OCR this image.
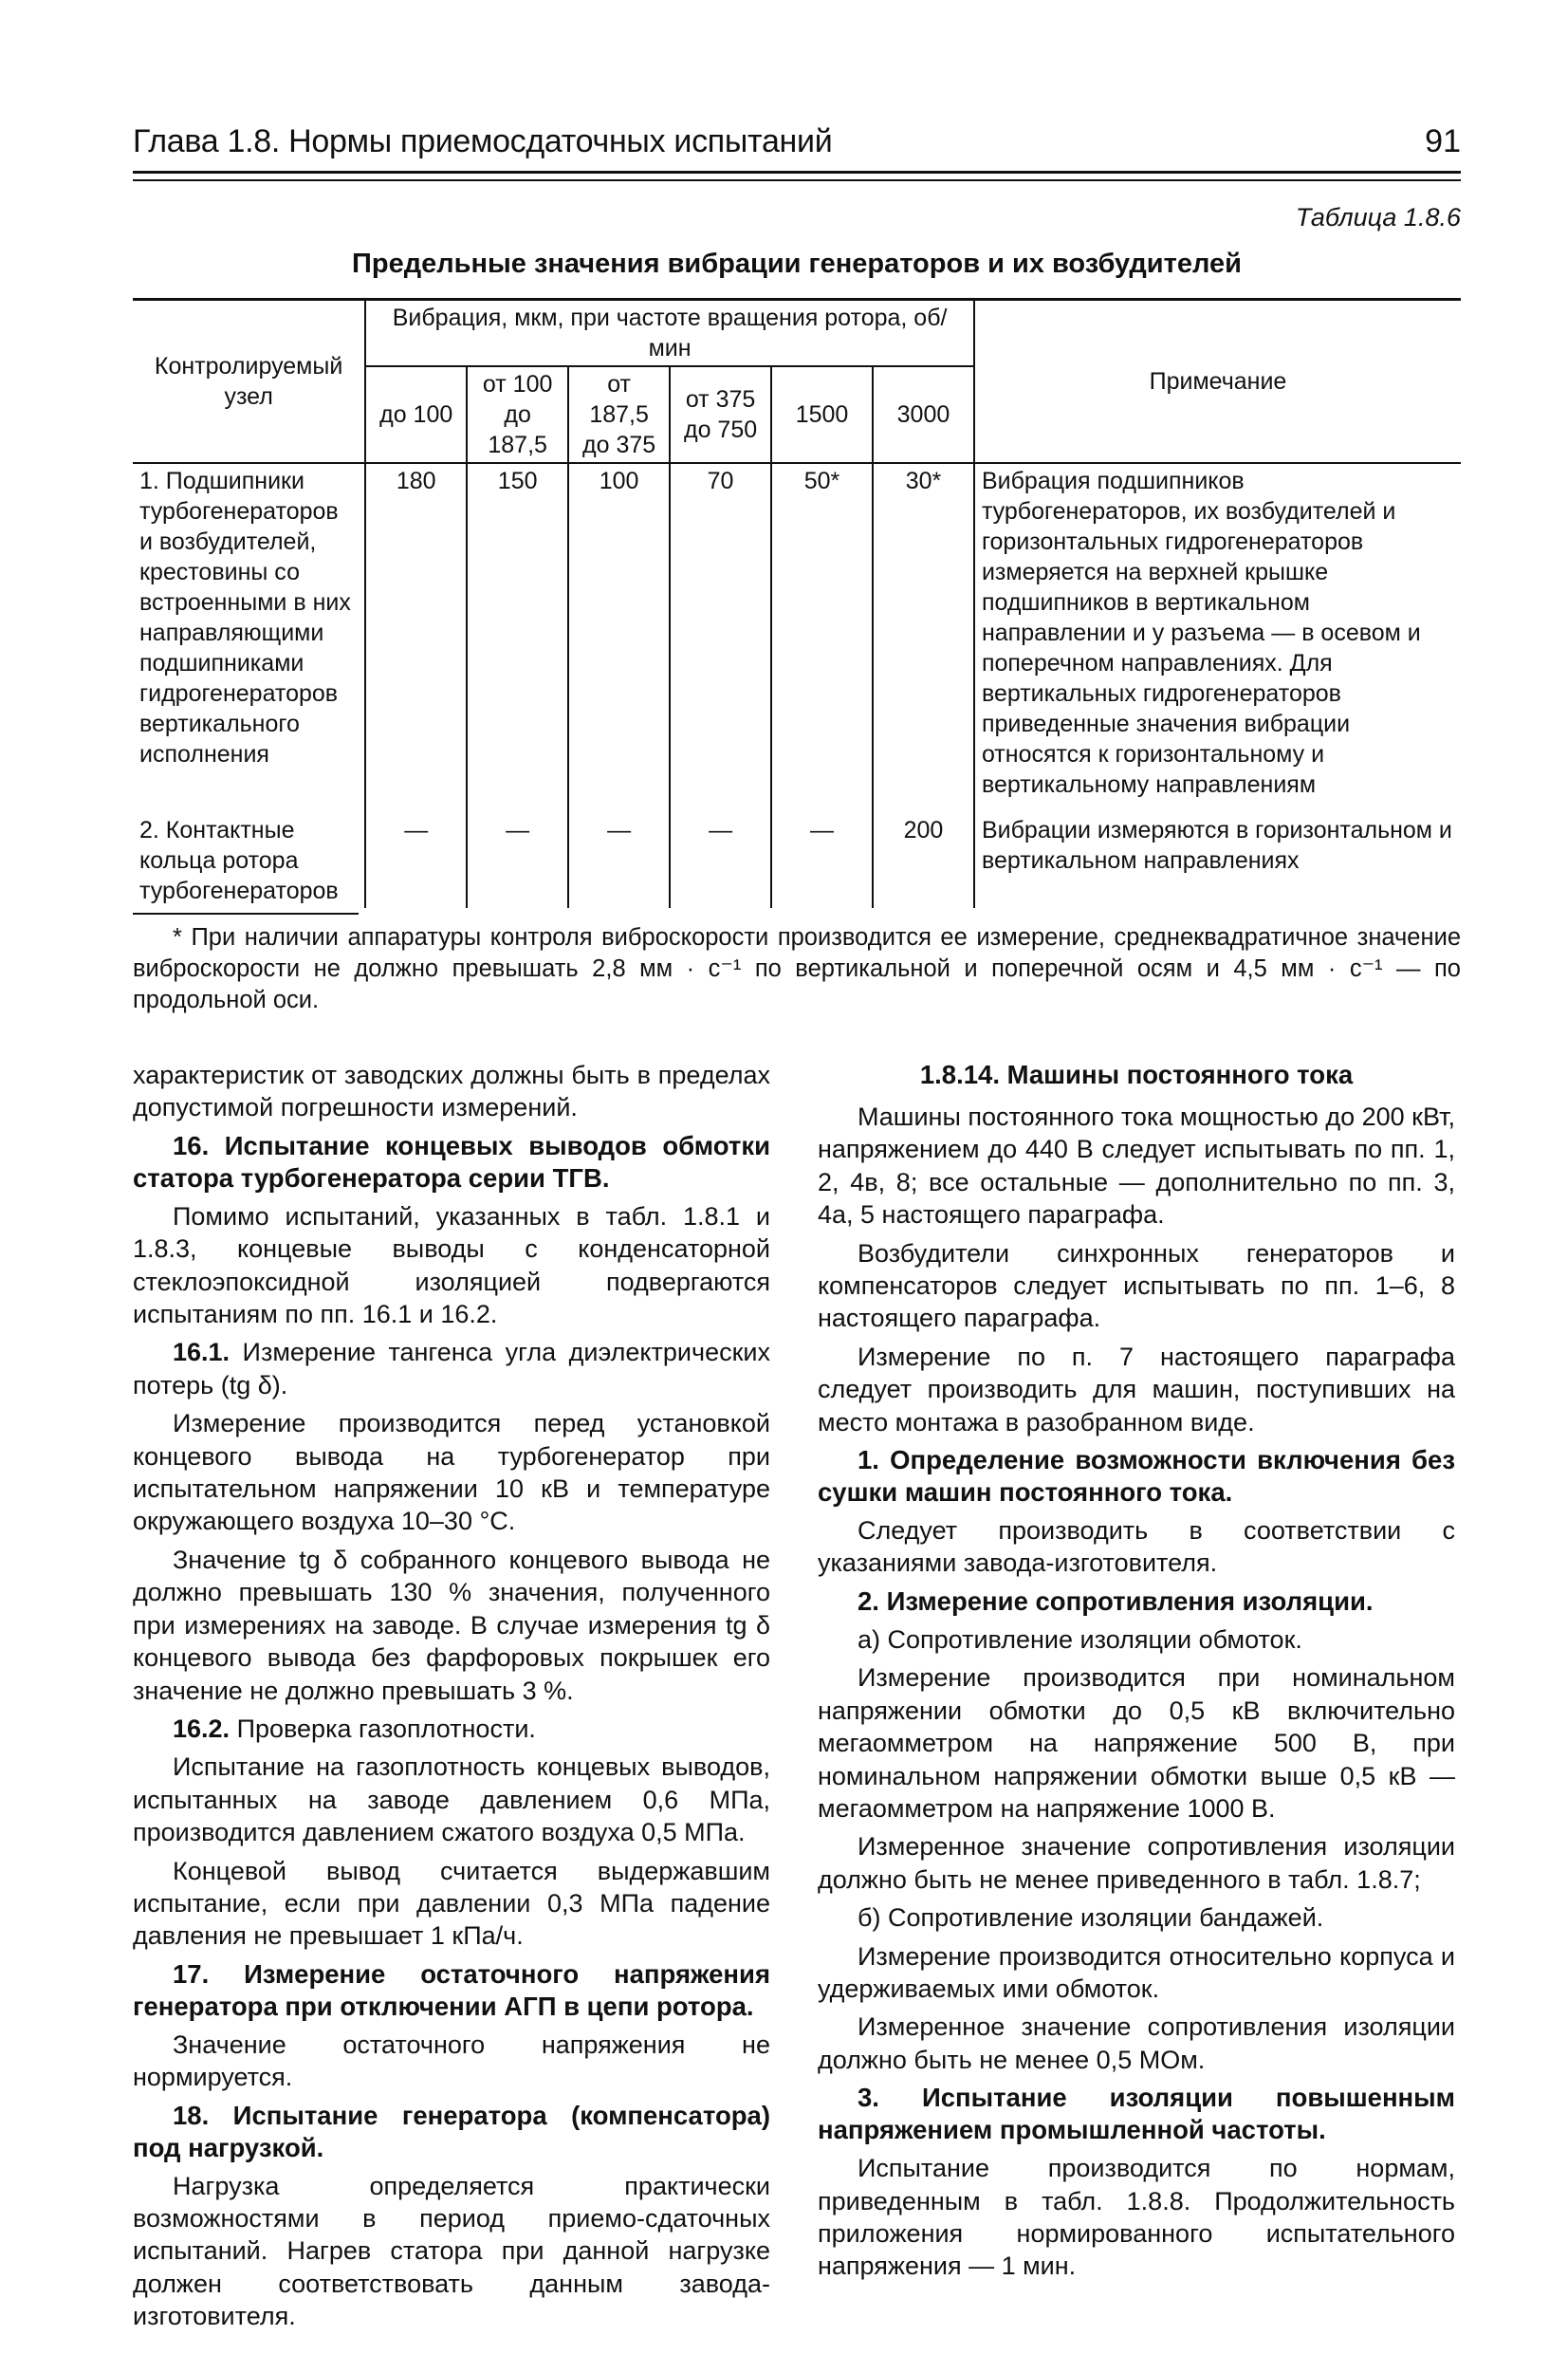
Глава 1.8. Нормы приемосдаточных испытаний	91
Таблица 1.8.6
Предельные значения вибрации генераторов и их возбудителей
Контролируемый узел	Вибрация, мкм, при частоте вращения ротора, об/мин						Примечание
	до 100	от 100 до 187,5	от 187,5 до 375	от 375 до 750	1500	3000	
1. Подшипники турбогенераторов и возбудителей, крестовины со встроенными в них направляющими подшипниками гидрогенераторов вертикального исполнения	180	150	100	70	50*	30*	Вибрация подшипников турбогенераторов, их возбудителей и горизонтальных гидрогенераторов измеряется на верхней крышке подшипников в вертикальном направлении и у разъема — в осевом и поперечном направлениях. Для вертикальных гидрогенераторов приведенные значения вибрации относятся к горизонтальному и вертикальному направлениям
2. Контактные кольца ротора турбогенераторов	—	—	—	—	—	200	Вибрации измеряются в горизонтальном и вертикальном направлениях
* При наличии аппаратуры контроля виброскорости производится ее измерение, среднеквадратичное значение виброскорости не должно превышать 2,8 мм · с⁻¹ по вертикальной и поперечной осям и 4,5 мм · с⁻¹ — по продольной оси.

характеристик от заводских должны быть в пределах допустимой погрешности измерений.

16. Испытание концевых выводов обмотки статора турбогенератора серии ТГВ.

Помимо испытаний, указанных в табл. 1.8.1 и 1.8.3, концевые выводы с конденсаторной стеклоэпоксидной изоляцией подвергаются испытаниям по пп. 16.1 и 16.2.

16.1. Измерение тангенса угла диэлектрических потерь (tg δ).

Измерение производится перед установкой концевого вывода на турбогенератор при испытательном напряжении 10 кВ и температуре окружающего воздуха 10–30 °С.

Значение tg δ собранного концевого вывода не должно превышать 130 % значения, полученного при измерениях на заводе. В случае измерения tg δ концевого вывода без фарфоровых покрышек его значение не должно превышать 3 %.

16.2. Проверка газоплотности.

Испытание на газоплотность концевых выводов, испытанных на заводе давлением 0,6 МПа, производится давлением сжатого воздуха 0,5 МПа.

Концевой вывод считается выдержавшим испытание, если при давлении 0,3 МПа падение давления не превышает 1 кПа/ч.

17. Измерение остаточного напряжения генератора при отключении АГП в цепи ротора.

Значение остаточного напряжения не нормируется.

18. Испытание генератора (компенсатора) под нагрузкой.

Нагрузка определяется практически возможностями в период приемо-сдаточных испытаний. Нагрев статора при данной нагрузке должен соответствовать данным завода-изготовителя.

1.8.14. Машины постоянного тока

Машины постоянного тока мощностью до 200 кВт, напряжением до 440 В следует испытывать по пп. 1, 2, 4в, 8; все остальные — дополнительно по пп. 3, 4а, 5 настоящего параграфа.

Возбудители синхронных генераторов и компенсаторов следует испытывать по пп. 1–6, 8 настоящего параграфа.

Измерение по п. 7 настоящего параграфа следует производить для машин, поступивших на место монтажа в разобранном виде.

1. Определение возможности включения без сушки машин постоянного тока.

Следует производить в соответствии с указаниями завода-изготовителя.

2. Измерение сопротивления изоляции.

а) Сопротивление изоляции обмоток.

Измерение производится при номинальном напряжении обмотки до 0,5 кВ включительно мегаомметром на напряжение 500 В, при номинальном напряжении обмотки выше 0,5 кВ — мегаомметром на напряжение 1000 В.

Измеренное значение сопротивления изоляции должно быть не менее приведенного в табл. 1.8.7;

б) Сопротивление изоляции бандажей.

Измерение производится относительно корпуса и удерживаемых ими обмоток.

Измеренное значение сопротивления изоляции должно быть не менее 0,5 МОм.

3. Испытание изоляции повышенным напряжением промышленной частоты.

Испытание производится по нормам, приведенным в табл. 1.8.8. Продолжительность приложения нормированного испытательного напряжения — 1 мин.
